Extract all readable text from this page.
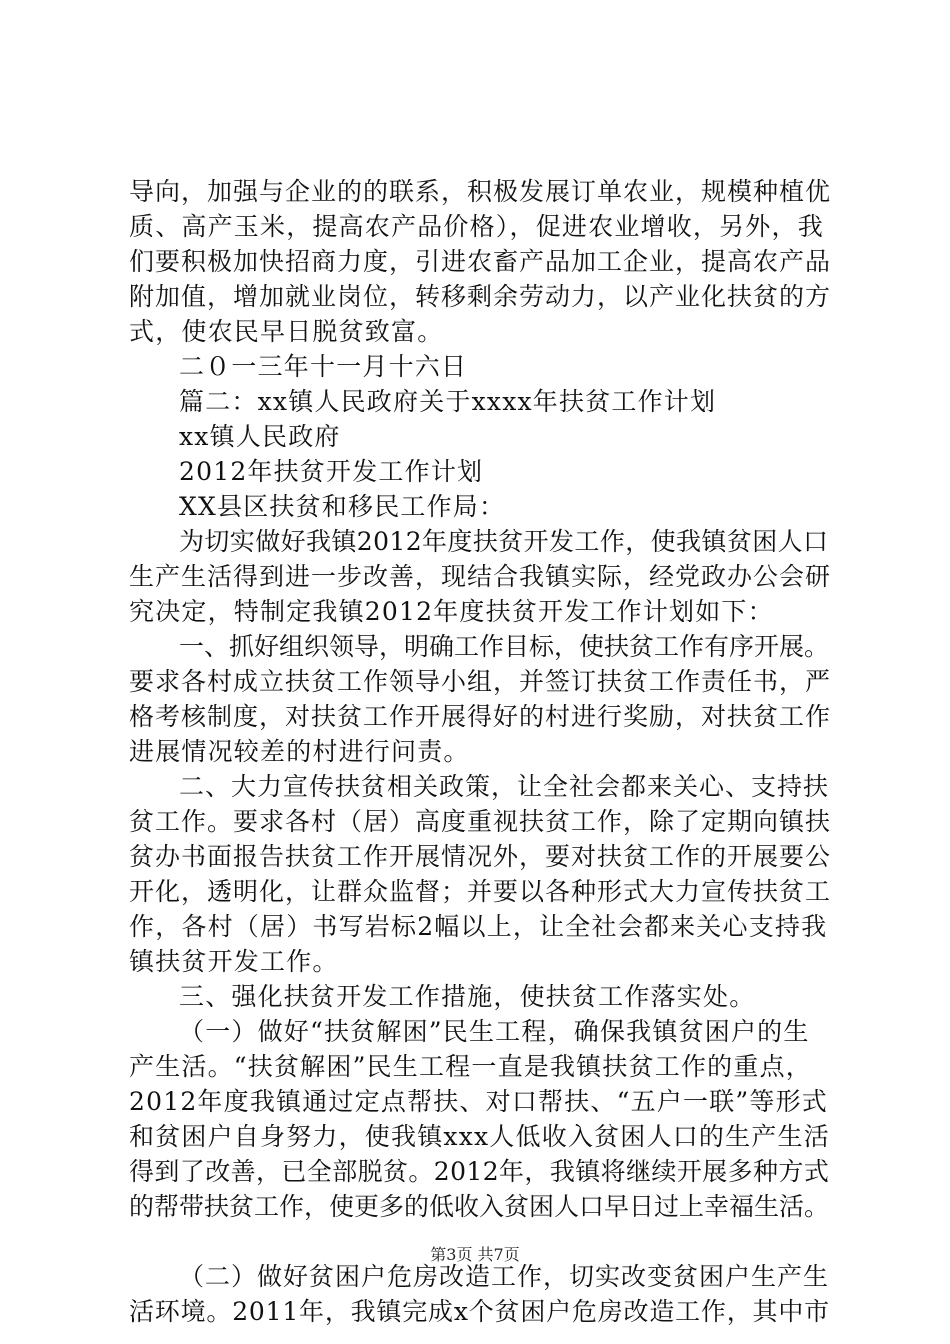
导向，加强与企业的的联系，积极发展订单农业，规模种植优
质、高产玉米，提高农产品价格），促进农业增收，另外，我
们要积极加快招商力度，引进农畜产品加工企业，提高农产品
附加值，增加就业岗位，转移剩余劳动力，以产业化扶贫的方
式，使农民早日脱贫致富。
二０一三年十一月十六日
篇二：xx镇人民政府关于xxxx年扶贫工作计划
xx镇人民政府
2012年扶贫开发工作计划
XX县区扶贫和移民工作局：
为切实做好我镇2012年度扶贫开发工作，使我镇贫困人口
生产生活得到进一步改善，现结合我镇实际，经党政办公会研
究决定，特制定我镇2012年度扶贫开发工作计划如下：
一、抓好组织领导，明确工作目标，使扶贫工作有序开展。
要求各村成立扶贫工作领导小组，并签订扶贫工作责任书，严
格考核制度，对扶贫工作开展得好的村进行奖励，对扶贫工作
进展情况较差的村进行问责。
二、大力宣传扶贫相关政策，让全社会都来关心、支持扶
贫工作。要求各村（居）高度重视扶贫工作，除了定期向镇扶
贫办书面报告扶贫工作开展情况外，要对扶贫工作的开展要公
开化，透明化，让群众监督；并要以各种形式大力宣传扶贫工
作，各村（居）书写岩标2幅以上，让全社会都来关心支持我
镇扶贫开发工作。
三、强化扶贫开发工作措施，使扶贫工作落实处。
（一）做好“扶贫解困”民生工程，确保我镇贫困户的生
产生活。“扶贫解困”民生工程一直是我镇扶贫工作的重点，
2012年度我镇通过定点帮扶、对口帮扶、“五户一联”等形式
和贫困户自身努力，使我镇xxx人低收入贫困人口的生产生活
得到了改善，已全部脱贫。2012年，我镇将继续开展多种方式
的帮带扶贫工作，使更多的低收入贫困人口早日过上幸福生活。
（二）做好贫困户危房改造工作，切实改变贫困户生产生
活环境。2011年，我镇完成x个贫困户危房改造工作，其中市
第3页 共7页
